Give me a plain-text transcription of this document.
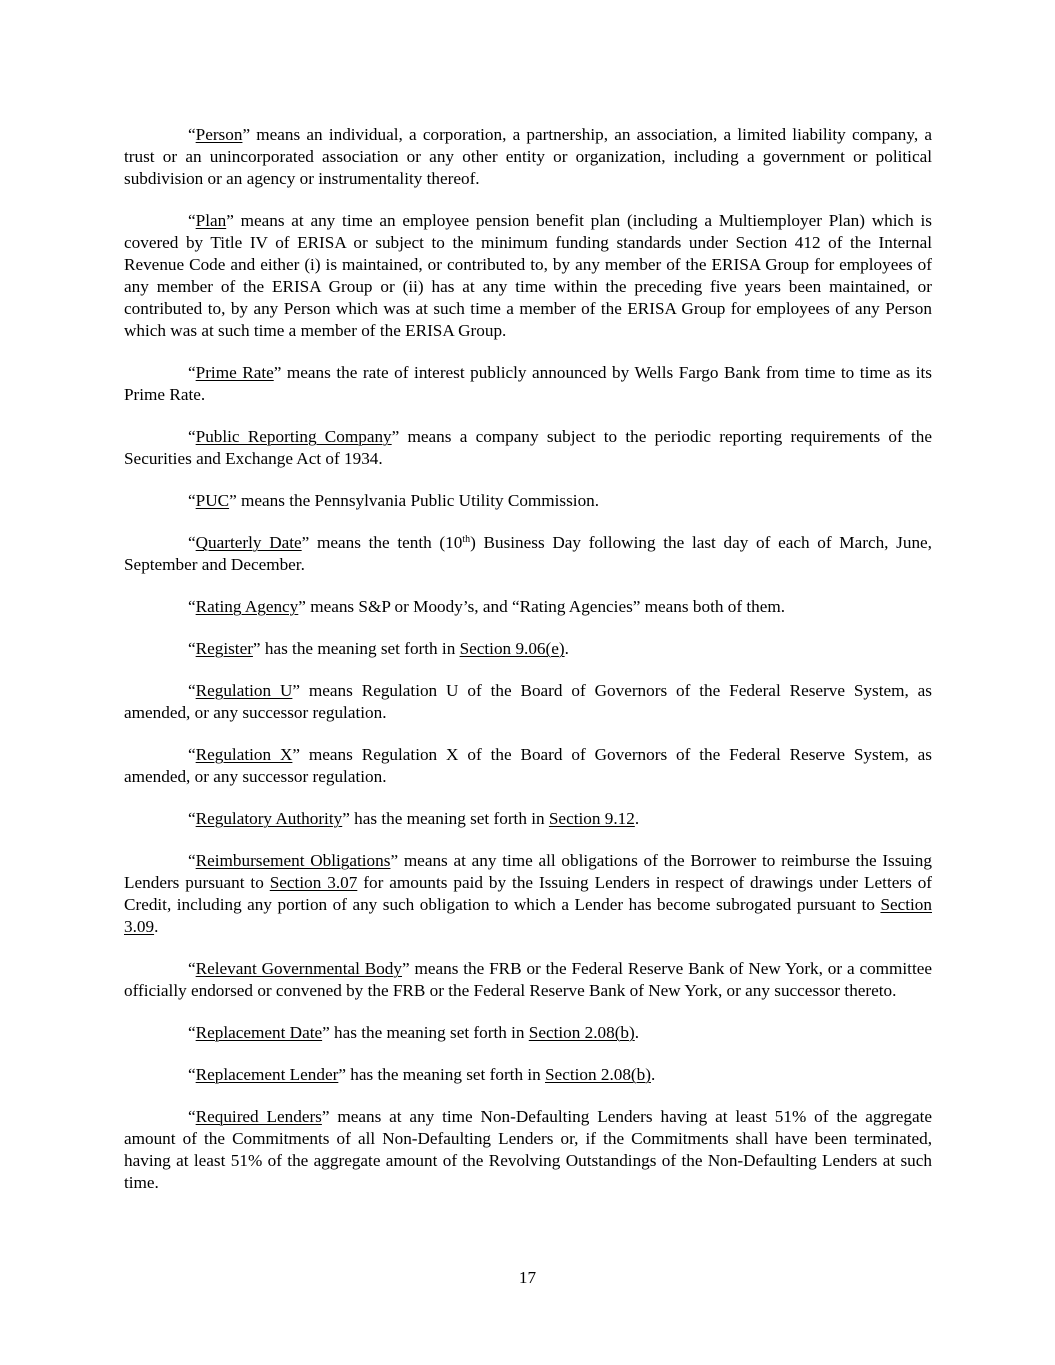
“Person” means an individual, a corporation, a partnership, an association, a limited liability company, a trust or an unincorporated association or any other entity or organization, including a government or political subdivision or an agency or instrumentality thereof.

“Plan” means at any time an employee pension benefit plan (including a Multiemployer Plan) which is covered by Title IV of ERISA or subject to the minimum funding standards under Section 412 of the Internal Revenue Code and either (i) is maintained, or contributed to, by any member of the ERISA Group for employees of any member of the ERISA Group or (ii) has at any time within the preceding five years been maintained, or contributed to, by any Person which was at such time a member of the ERISA Group for employees of any Person which was at such time a member of the ERISA Group.

“Prime Rate” means the rate of interest publicly announced by Wells Fargo Bank from time to time as its Prime Rate.

“Public Reporting Company” means a company subject to the periodic reporting requirements of the Securities and Exchange Act of 1934.

“PUC” means the Pennsylvania Public Utility Commission.

“Quarterly Date” means the tenth (10th) Business Day following the last day of each of March, June, September and December.

“Rating Agency” means S&P or Moody’s, and “Rating Agencies” means both of them.

“Register” has the meaning set forth in Section 9.06(e).

“Regulation U” means Regulation U of the Board of Governors of the Federal Reserve System, as amended, or any successor regulation.

“Regulation X” means Regulation X of the Board of Governors of the Federal Reserve System, as amended, or any successor regulation.

“Regulatory Authority” has the meaning set forth in Section 9.12.

“Reimbursement Obligations” means at any time all obligations of the Borrower to reimburse the Issuing Lenders pursuant to Section 3.07 for amounts paid by the Issuing Lenders in respect of drawings under Letters of Credit, including any portion of any such obligation to which a Lender has become subrogated pursuant to Section 3.09.

“Relevant Governmental Body” means the FRB or the Federal Reserve Bank of New York, or a committee officially endorsed or convened by the FRB or the Federal Reserve Bank of New York, or any successor thereto.

“Replacement Date” has the meaning set forth in Section 2.08(b).

“Replacement Lender” has the meaning set forth in Section 2.08(b).

“Required Lenders” means at any time Non-Defaulting Lenders having at least 51% of the aggregate amount of the Commitments of all Non-Defaulting Lenders or, if the Commitments shall have been terminated, having at least 51% of the aggregate amount of the Revolving Outstandings of the Non-Defaulting Lenders at such time.

17
